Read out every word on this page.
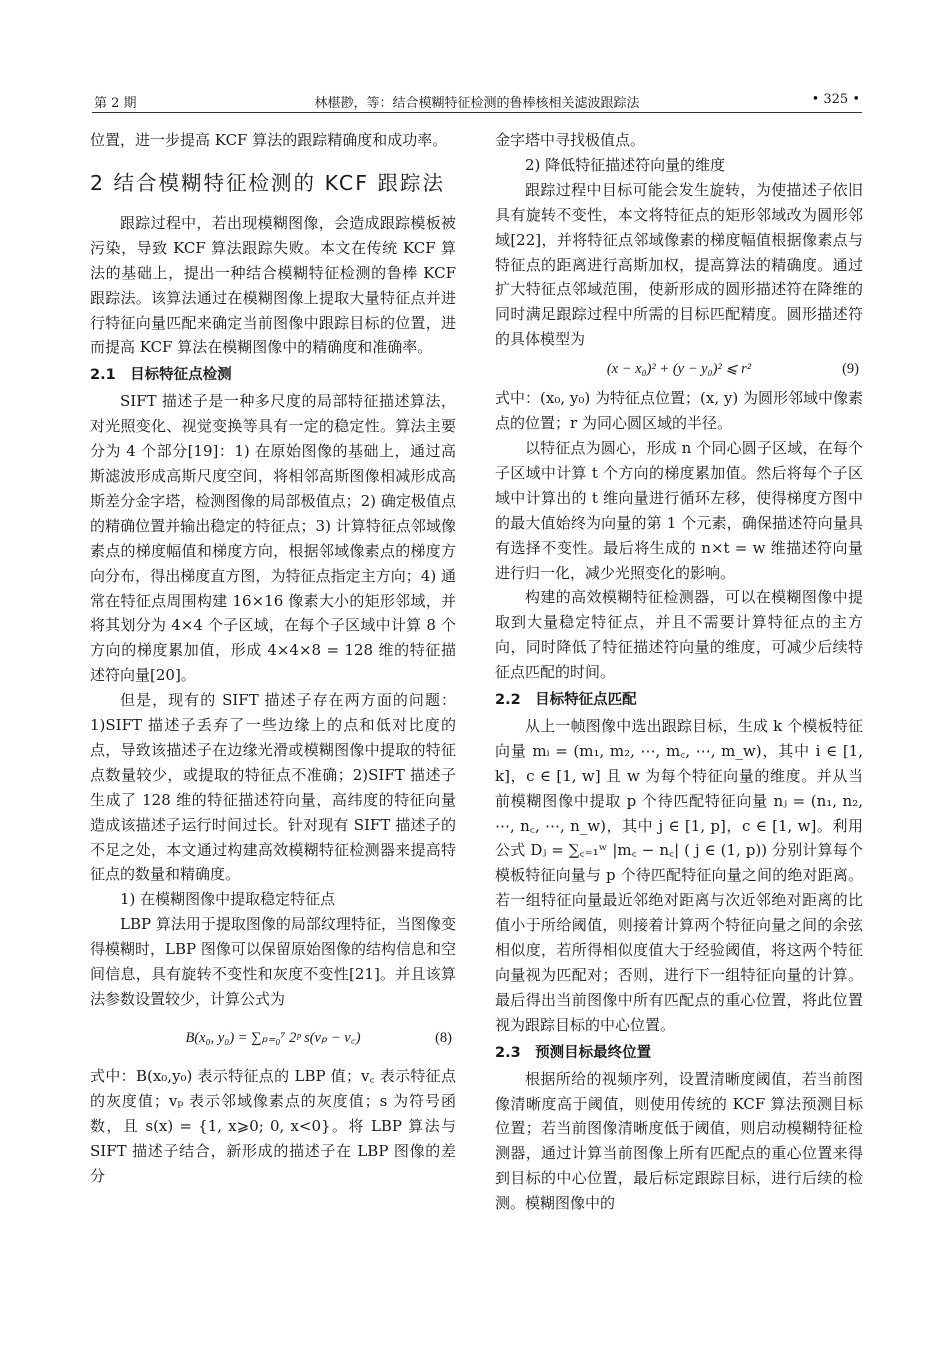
第 2 期	林椹尠，等：结合模糊特征检测的鲁棒核相关滤波跟踪法	• 325 •

位置，进一步提高 KCF 算法的跟踪精确度和成功率。

2 结合模糊特征检测的 KCF 跟踪法

跟踪过程中，若出现模糊图像，会造成跟踪模板被污染，导致 KCF 算法跟踪失败。本文在传统 KCF 算法的基础上，提出一种结合模糊特征检测的鲁棒 KCF 跟踪法。该算法通过在模糊图像上提取大量特征点并进行特征向量匹配来确定当前图像中跟踪目标的位置，进而提高 KCF 算法在模糊图像中的精确度和准确率。

2.1　目标特征点检测

SIFT 描述子是一种多尺度的局部特征描述算法，对光照变化、视觉变换等具有一定的稳定性。算法主要分为 4 个部分[19]：1) 在原始图像的基础上，通过高斯滤波形成高斯尺度空间，将相邻高斯图像相减形成高斯差分金字塔，检测图像的局部极值点；2) 确定极值点的精确位置并输出稳定的特征点；3) 计算特征点邻域像素点的梯度幅值和梯度方向，根据邻域像素点的梯度方向分布，得出梯度直方图，为特征点指定主方向；4) 通常在特征点周围构建 16×16 像素大小的矩形邻域，并将其划分为 4×4 个子区域，在每个子区域中计算 8 个方向的梯度累加值，形成 4×4×8 = 128 维的特征描述符向量[20]。

但是，现有的 SIFT 描述子存在两方面的问题：1)SIFT 描述子丢弃了一些边缘上的点和低对比度的点，导致该描述子在边缘光滑或模糊图像中提取的特征点数量较少，或提取的特征点不准确；2)SIFT 描述子生成了 128 维的特征描述符向量，高纬度的特征向量造成该描述子运行时间过长。针对现有 SIFT 描述子的不足之处，本文通过构建高效模糊特征检测器来提高特征点的数量和精确度。

1) 在模糊图像中提取稳定特征点

LBP 算法用于提取图像的局部纹理特征，当图像变得模糊时，LBP 图像可以保留原始图像的结构信息和空间信息，具有旋转不变性和灰度不变性[21]。并且该算法参数设置较少，计算公式为

B(x₀, y₀) = ∑ₚ₌₀⁷ 2ᵖ s(vₚ − v꜀)	(8)

式中：B(x₀,y₀) 表示特征点的 LBP 值；v꜀ 表示特征点的灰度值；vₚ 表示邻域像素点的灰度值；s 为符号函数，且 s(x) = {1, x⩾0; 0, x<0}。将 LBP 算法与 SIFT 描述子结合，新形成的描述子在 LBP 图像的差分

金字塔中寻找极值点。

2) 降低特征描述符向量的维度

跟踪过程中目标可能会发生旋转，为使描述子依旧具有旋转不变性，本文将特征点的矩形邻域改为圆形邻域[22]，并将特征点邻域像素的梯度幅值根据像素点与特征点的距离进行高斯加权，提高算法的精确度。通过扩大特征点邻域范围，使新形成的圆形描述符在降维的同时满足跟踪过程中所需的目标匹配精度。圆形描述符的具体模型为

(x − x₀)² + (y − y₀)² ⩽ r²	(9)

式中：(x₀, y₀) 为特征点位置；(x, y) 为圆形邻域中像素点的位置；r 为同心圆区域的半径。

以特征点为圆心，形成 n 个同心圆子区域，在每个子区域中计算 t 个方向的梯度累加值。然后将每个子区域中计算出的 t 维向量进行循环左移，使得梯度方图中的最大值始终为向量的第 1 个元素，确保描述符向量具有选择不变性。最后将生成的 n×t = w 维描述符向量进行归一化，减少光照变化的影响。

构建的高效模糊特征检测器，可以在模糊图像中提取到大量稳定特征点，并且不需要计算特征点的主方向，同时降低了特征描述符向量的维度，可减少后续特征点匹配的时间。

2.2　目标特征点匹配

从上一帧图像中选出跟踪目标，生成 k 个模板特征向量 mᵢ = (m₁, m₂, ⋯, m꜀, ⋯, m_w)，其中 i ∈ [1, k]，c ∈ [1, w] 且 w 为每个特征向量的维度。并从当前模糊图像中提取 p 个待匹配特征向量 nⱼ = (n₁, n₂, ⋯, n꜀, ⋯, n_w)，其中 j ∈ [1, p]，c ∈ [1, w]。利用公式 Dⱼ = ∑꜀₌₁ʷ |m꜀ − n꜀| ( j ∈ (1, p)) 分别计算每个模板特征向量与 p 个待匹配特征向量之间的绝对距离。若一组特征向量最近邻绝对距离与次近邻绝对距离的比值小于所给阈值，则接着计算两个特征向量之间的余弦相似度，若所得相似度值大于经验阈值，将这两个特征向量视为匹配对；否则，进行下一组特征向量的计算。最后得出当前图像中所有匹配点的重心位置，将此位置视为跟踪目标的中心位置。

2.3　预测目标最终位置

根据所给的视频序列，设置清晰度阈值，若当前图像清晰度高于阈值，则使用传统的 KCF 算法预测目标位置；若当前图像清晰度低于阈值，则启动模糊特征检测器，通过计算当前图像上所有匹配点的重心位置来得到目标的中心位置，最后标定跟踪目标，进行后续的检测。模糊图像中的
